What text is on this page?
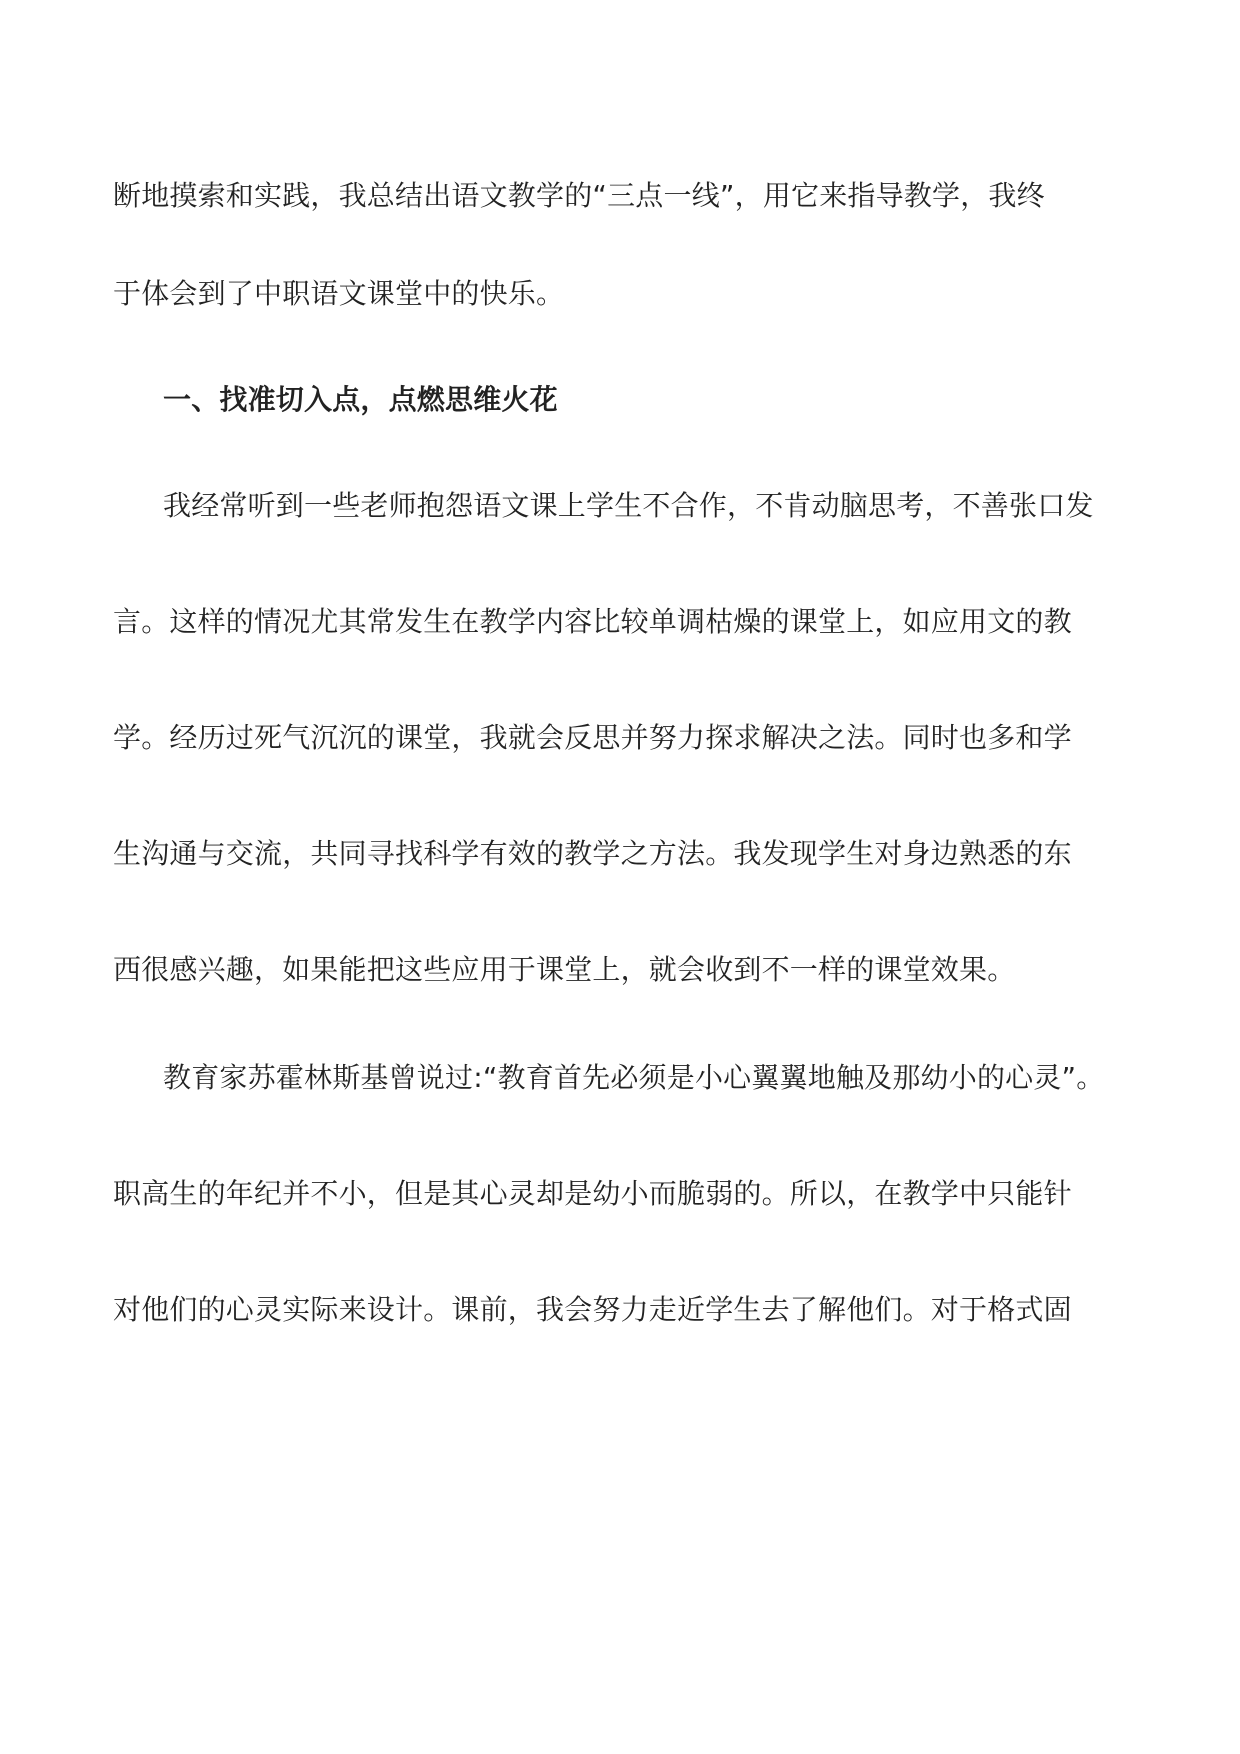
断地摸索和实践，我总结出语文教学的“三点一线”，用它来指导教学，我终
于体会到了中职语文课堂中的快乐。
一、找准切入点，点燃思维火花
我经常听到一些老师抱怨语文课上学生不合作，不肯动脑思考，不善张口发
言。这样的情况尤其常发生在教学内容比较单调枯燥的课堂上，如应用文的教
学。经历过死气沉沉的课堂，我就会反思并努力探求解决之法。同时也多和学
生沟通与交流，共同寻找科学有效的教学之方法。我发现学生对身边熟悉的东
西很感兴趣，如果能把这些应用于课堂上，就会收到不一样的课堂效果。
教育家苏霍林斯基曾说过:“教育首先必须是小心翼翼地触及那幼小的心灵”。
职高生的年纪并不小，但是其心灵却是幼小而脆弱的。所以，在教学中只能针
对他们的心灵实际来设计。课前，我会努力走近学生去了解他们。对于格式固
